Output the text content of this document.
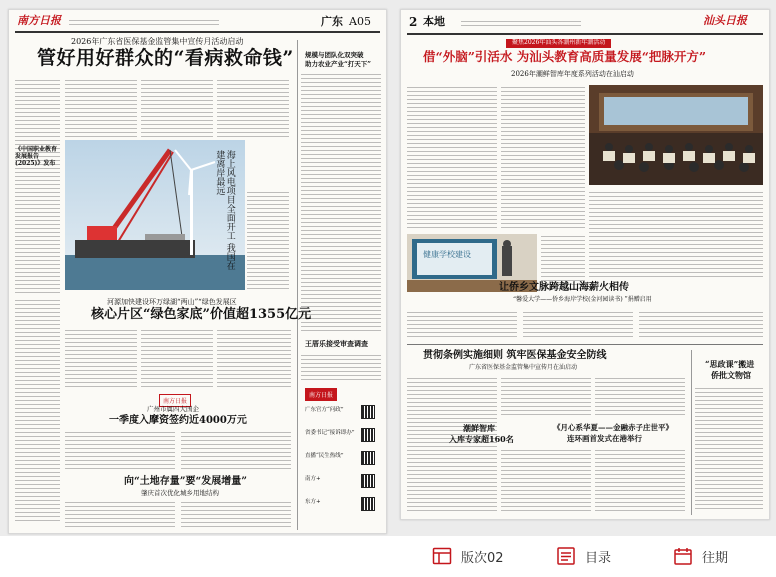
南方日报	广东 A05
2026年广东省医保基金监管集中宣传月活动启动
管好用好群众的“看病救命钱”
《中国职业教育发展报告(2025)》发布	海上风电项目全面开工 我国在建离岸最远
规模与团队化双突破
助力农业产业“打天下”
王厝乐接受审查调查
河源加快建设环万绿湖“两山”“绿色发展区
核心片区“绿色家底”价值超1355亿元
南方日报
广州市属四大国企
一季度入摩资签约近4000万元
向“土地存量”要“发展增量”
肇庆首次优化城乡用地结构
南方日报
广东官方“问政”
省委书记“接诉即办”
直播“民生热线”
南方+
东方+
2 本地	汕头日报
聚焦2026年汕头各潮州新年潮活动
借“外脑”引活水 为汕头教育高质量发展“把脉开方”
2026年潮鲜智库年度系列活动在汕启动
健康学校建设
让侨乡文脉跨越山海薪火相传
“馨爱大学——侨乡海岸学校(金河园读书) ”捐赠启用
贯彻条例实施细则 筑牢医保基金安全防线
广东省医保基金监管集中宣传月在汕启动
潮鲜智库
入库专家超160名
《月心系华夏——金融赤子庄世平》
连环画首发式在港举行
“思政课”搬进
侨批文物馆
版次02	目录	往期
